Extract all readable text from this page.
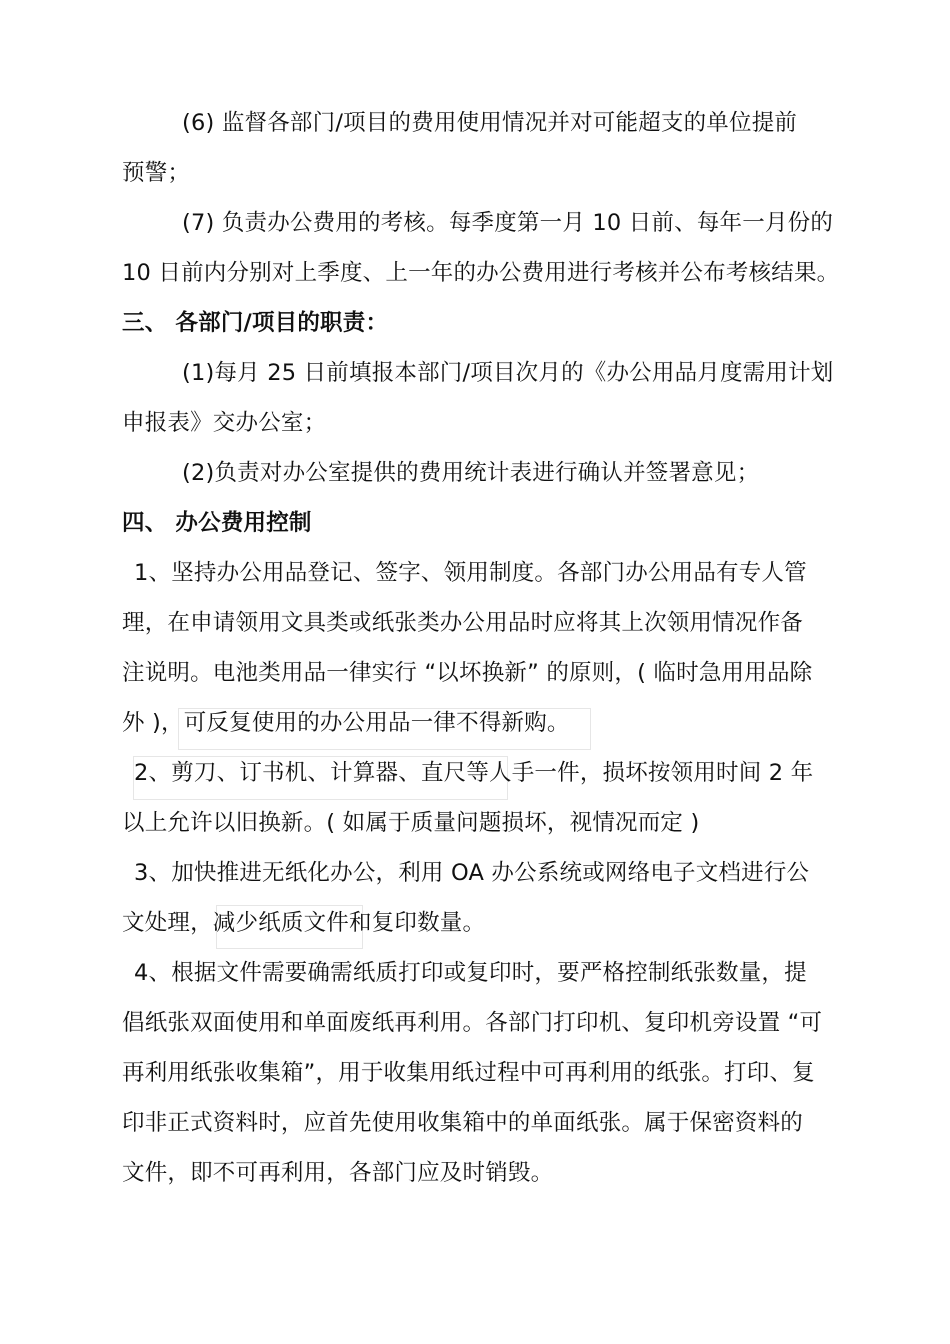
(6) 监督各部门/项目的费用使用情况并对可能超支的单位提前
预警；
(7) 负责办公费用的考核。每季度第一月 10 日前、每年一月份的
10 日前内分别对上季度、上一年的办公费用进行考核并公布考核结果。
三、 各部门/项目的职责：
(1)每月 25 日前填报本部门/项目次月的《办公用品月度需用计划
申报表》交办公室；
(2)负责对办公室提供的费用统计表进行确认并签署意见；
四、 办公费用控制
1、坚持办公用品登记、签字、领用制度。各部门办公用品有专人管
理，在申请领用文具类或纸张类办公用品时应将其上次领用情况作备
注说明。电池类用品一律实行 “以坏换新” 的原则，( 临时急用用品除
外 )，可反复使用的办公用品一律不得新购。
2、剪刀、订书机、计算器、直尺等人手一件，损坏按领用时间 2 年
以上允许以旧换新。( 如属于质量问题损坏，视情况而定 )
3、加快推进无纸化办公，利用 OA 办公系统或网络电子文档进行公
文处理，减少纸质文件和复印数量。
4、根据文件需要确需纸质打印或复印时，要严格控制纸张数量，提
倡纸张双面使用和单面废纸再利用。各部门打印机、复印机旁设置 “可
再利用纸张收集箱”，用于收集用纸过程中可再利用的纸张。打印、复
印非正式资料时，应首先使用收集箱中的单面纸张。属于保密资料的
文件，即不可再利用，各部门应及时销毁。
